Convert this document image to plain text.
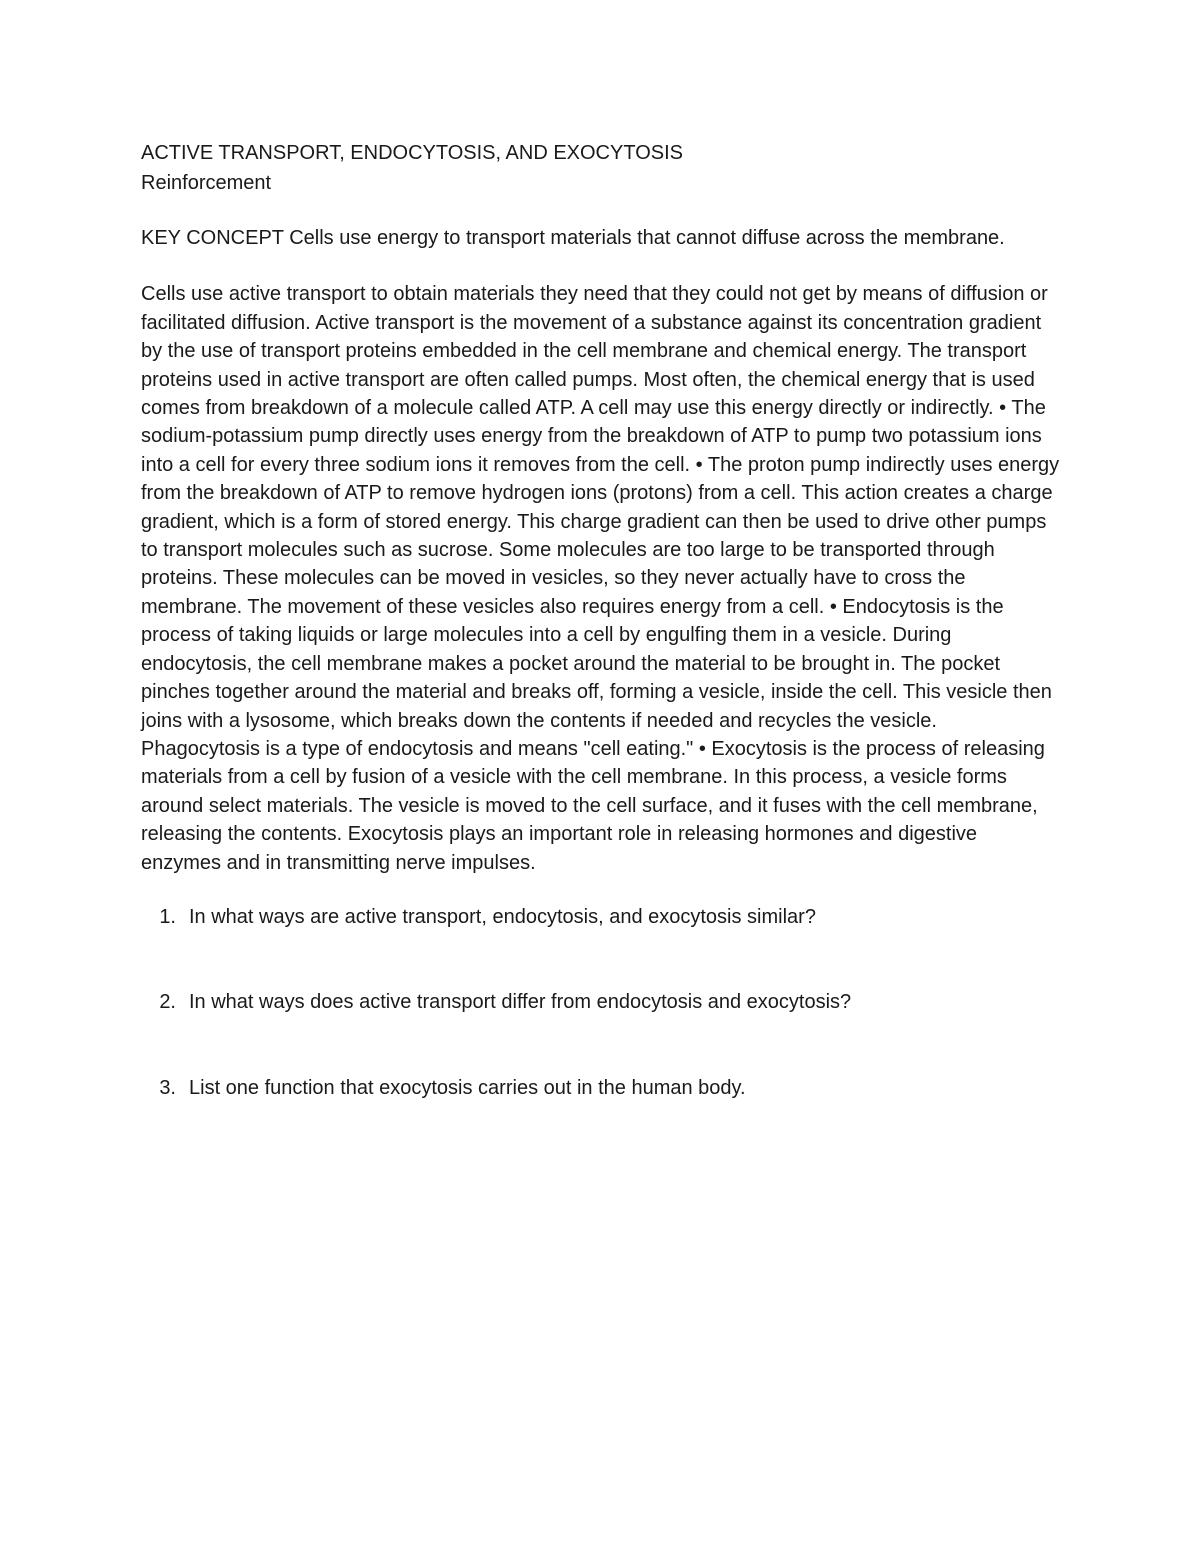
ACTIVE TRANSPORT, ENDOCYTOSIS, AND EXOCYTOSIS

Reinforcement

KEY CONCEPT Cells use energy to transport materials that cannot diffuse across the membrane.

Cells use active transport to obtain materials they need that they could not get by means of diffusion or facilitated diffusion. Active transport is the movement of a substance against its concentration gradient by the use of transport proteins embedded in the cell membrane and chemical energy. The transport proteins used in active transport are often called pumps. Most often, the chemical energy that is used comes from breakdown of a molecule called ATP. A cell may use this energy directly or indirectly. • The sodium-potassium pump directly uses energy from the breakdown of ATP to pump two potassium ions into a cell for every three sodium ions it removes from the cell. • The proton pump indirectly uses energy from the breakdown of ATP to remove hydrogen ions (protons) from a cell. This action creates a charge gradient, which is a form of stored energy. This charge gradient can then be used to drive other pumps to transport molecules such as sucrose. Some molecules are too large to be transported through proteins. These molecules can be moved in vesicles, so they never actually have to cross the membrane. The movement of these vesicles also requires energy from a cell. • Endocytosis is the process of taking liquids or large molecules into a cell by engulfing them in a vesicle. During endocytosis, the cell membrane makes a pocket around the material to be brought in. The pocket pinches together around the material and breaks off, forming a vesicle, inside the cell. This vesicle then joins with a lysosome, which breaks down the contents if needed and recycles the vesicle. Phagocytosis is a type of endocytosis and means "cell eating." • Exocytosis is the process of releasing materials from a cell by fusion of a vesicle with the cell membrane. In this process, a vesicle forms around select materials. The vesicle is moved to the cell surface, and it fuses with the cell membrane, releasing the contents. Exocytosis plays an important role in releasing hormones and digestive enzymes and in transmitting nerve impulses.

1. In what ways are active transport, endocytosis, and exocytosis similar?
2. In what ways does active transport differ from endocytosis and exocytosis?
3. List one function that exocytosis carries out in the human body.
